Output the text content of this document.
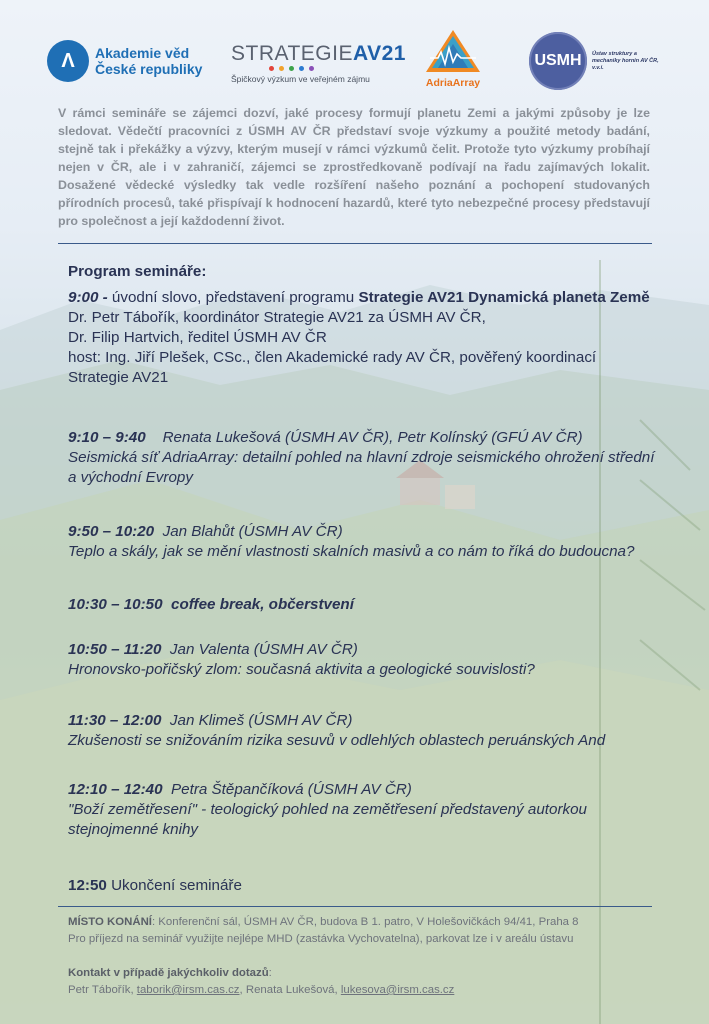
Λ	Akademie věd
České republiky
STRATEGIEAV21
Špičkový výzkum ve veřejném zájmu	AdriaArray
USMH	Ústav struktury a mechaniky hornin AV ČR, v.v.i.
V rámci semináře se zájemci dozví, jaké procesy formují planetu Zemi a jakými způsoby je lze sledovat. Vědečtí pracovníci z ÚSMH AV ČR představí svoje výzkumy a použité metody badání, stejně tak i překážky a výzvy, kterým musejí v rámci výzkumů čelit. Protože tyto výzkumy probíhají nejen v ČR, ale i v zahraničí, zájemci se zprostředkovaně podívají na řadu zajímavých lokalit. Dosažené vědecké výsledky tak vedle rozšíření našeho poznání a pochopení studovaných přírodních procesů, také přispívají k hodnocení hazardů, které tyto nebezpečné procesy představují pro společnost a její každodenní život.
Program semináře:
9:00 - úvodní slovo, představení programu Strategie AV21 Dynamická planeta Země
Dr. Petr Tábořík, koordinátor Strategie AV21 za ÚSMH AV ČR,
Dr. Filip Hartvich, ředitel ÚSMH AV ČR
host: Ing. Jiří Plešek, CSc., člen Akademické rady AV ČR, pověřený koordinací
Strategie AV21
9:10 – 9:40 Renata Lukešová (ÚSMH AV ČR), Petr Kolínský (GFÚ AV ČR)
Seismická síť AdriaArray: detailní pohled na hlavní zdroje seismického ohrožení střední
a východní Evropy
9:50 – 10:20 Jan Blahůt (ÚSMH AV ČR)
Teplo a skály, jak se mění vlastnosti skalních masivů a co nám to říká do budoucna?
10:30 – 10:50 coffee break, občerstvení
10:50 – 11:20 Jan Valenta (ÚSMH AV ČR)
Hronovsko-pořičský zlom: současná aktivita a geologické souvislosti?
11:30 – 12:00 Jan Klimeš (ÚSMH AV ČR)
Zkušenosti se snižováním rizika sesuvů v odlehlých oblastech peruánských And
12:10 – 12:40 Petra Štěpančíková (ÚSMH AV ČR)
"Boží zemětřesení" - teologický pohled na zemětřesení představený autorkou
stejnojmenné knihy
12:50 Ukončení semináře
MÍSTO KONÁNÍ: Konferenční sál, ÚSMH AV ČR, budova B 1. patro, V Holešovičkách 94/41, Praha 8
Pro příjezd na seminář využijte nejlépe MHD (zastávka Vychovatelna), parkovat lze i v areálu ústavu
Kontakt v případě jakýchkoliv dotazů:
Petr Tábořík, taborik@irsm.cas.cz, Renata Lukešová, lukesova@irsm.cas.cz
